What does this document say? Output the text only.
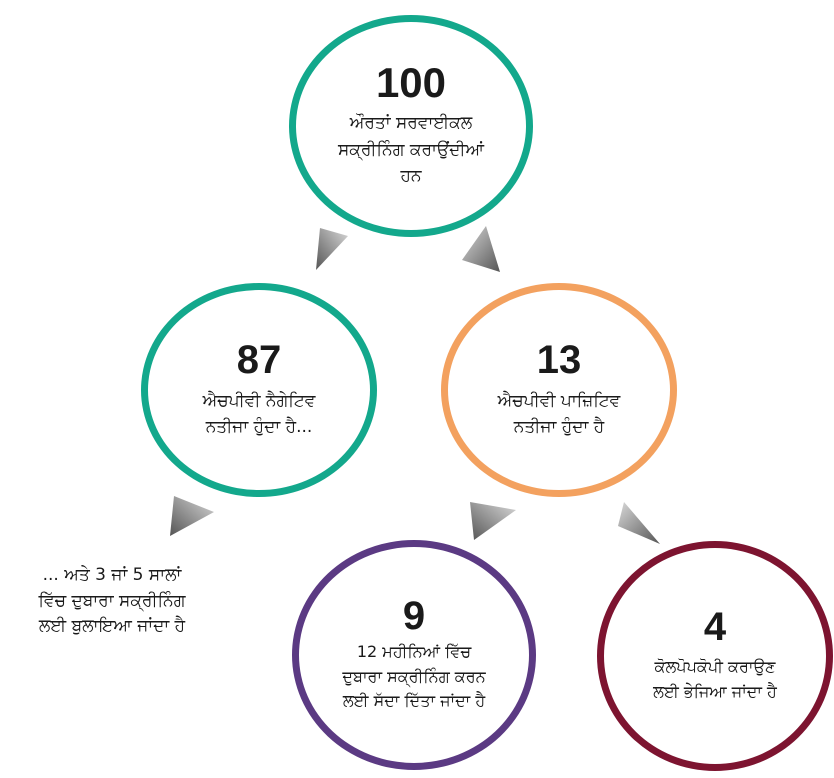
100
ਔਰਤਾਂ ਸਰਵਾਈਕਲ
ਸਕ੍ਰੀਨਿੰਗ ਕਰਾਉਂਦੀਆਂ
ਹਨ
87
ਐਚਪੀਵੀ ਨੈਗੇਟਿਵ
ਨਤੀਜਾ ਹੁੰਦਾ ਹੈ...
13
ਐਚਪੀਵੀ ਪਾਜ਼ਿਟਿਵ
ਨਤੀਜਾ ਹੁੰਦਾ ਹੈ
9
12 ਮਹੀਨਿਆਂ ਵਿੱਚ
ਦੁਬਾਰਾ ਸਕ੍ਰੀਨਿੰਗ ਕਰਨ
ਲਈ ਸੱਦਾ ਦਿੱਤਾ ਜਾਂਦਾ ਹੈ
4
ਕੋਲਪੋਪਕੋਪੀ ਕਰਾਉਣ
ਲਈ ਭੇਜਿਆ ਜਾਂਦਾ ਹੈ
... ਅਤੇ 3 ਜਾਂ 5 ਸਾਲਾਂ
ਵਿੱਚ ਦੁਬਾਰਾ ਸਕ੍ਰੀਨਿੰਗ
ਲਈ ਬੁਲਾਇਆ ਜਾਂਦਾ ਹੈ
